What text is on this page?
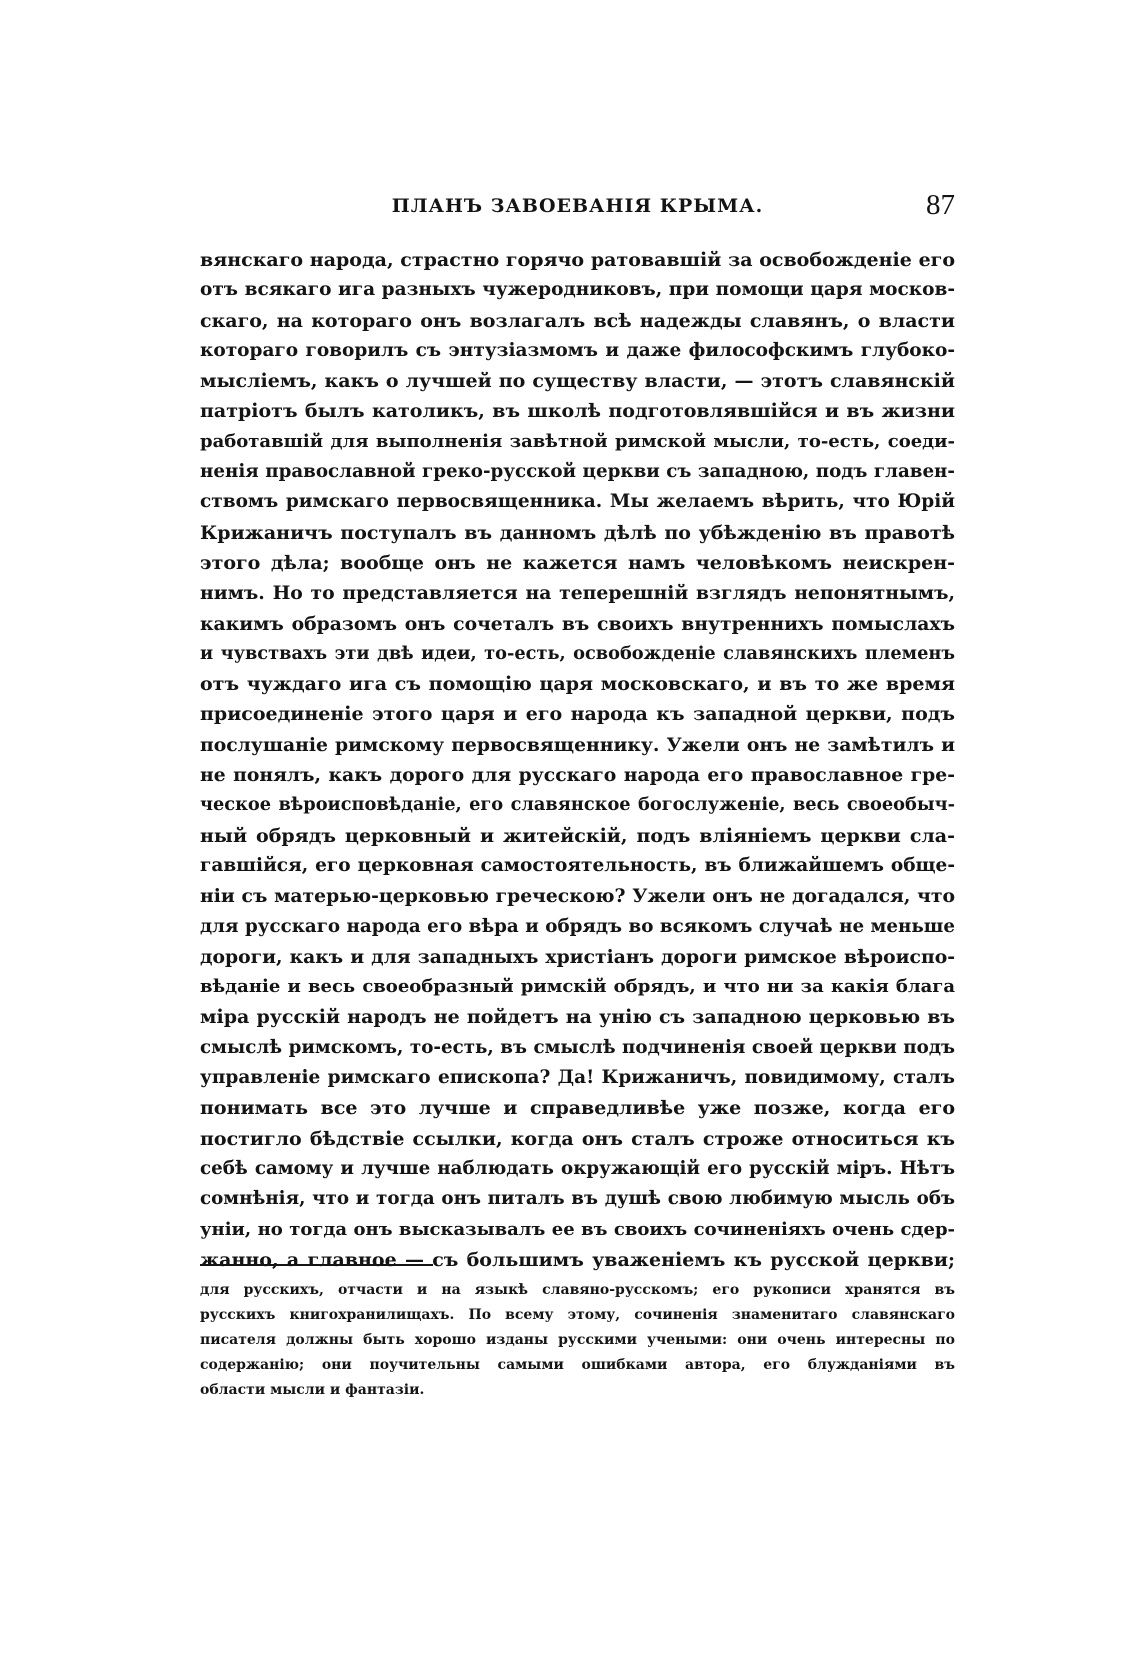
ПЛАНЪ ЗАВОЕВАНІЯ КРЫМА.	87
вянскаго народа, страстно горячо ратовавшій за освобожденіе его
отъ всякаго ига разныхъ чужеродниковъ, при помощи царя москов-
скаго, на котораго онъ возлагалъ всѣ надежды славянъ, о власти
котораго говорилъ съ энтузіазмомъ и даже философскимъ глубоко-
мысліемъ, какъ о лучшей по существу власти, — этотъ славянскій
патріотъ былъ католикъ, въ школѣ подготовлявшійся и въ жизни
работавшій для выполненія завѣтной римской мысли, то-есть, соеди-
ненія православной греко-русской церкви съ западною, подъ главен-
ствомъ римскаго первосвященника. Мы желаемъ вѣрить, что Юрій
Крижаничъ поступалъ въ данномъ дѣлѣ по убѣжденію въ правотѣ
этого дѣла; вообще онъ не кажется намъ человѣкомъ неискрен-
нимъ. Но то представляется на теперешній взглядъ непонятнымъ,
какимъ образомъ онъ сочеталъ въ своихъ внутреннихъ помыслахъ
и чувствахъ эти двѣ идеи, то-есть, освобожденіе славянскихъ племенъ
отъ чуждаго ига съ помощію царя московскаго, и въ то же время
присоединеніе этого царя и его народа къ западной церкви, подъ
послушаніе римскому первосвященнику. Ужели онъ не замѣтилъ и
не понялъ, какъ дорого для русскаго народа его православное гре-
ческое вѣроисповѣданіе, его славянское богослуженіе, весь своеобыч-
ный обрядъ церковный и житейскій, подъ вліяніемъ церкви сла-
гавшійся, его церковная самостоятельность, въ ближайшемъ обще-
ніи съ матерью-церковью греческою? Ужели онъ не догадался, что
для русскаго народа его вѣра и обрядъ во всякомъ случаѣ не меньше
дороги, какъ и для западныхъ христіанъ дороги римское вѣроиспо-
вѣданіе и весь своеобразный римскій обрядъ, и что ни за какія блага
міра русскій народъ не пойдетъ на унію съ западною церковью въ
смыслѣ римскомъ, то-есть, въ смыслѣ подчиненія своей церкви подъ
управленіе римскаго епископа? Да! Крижаничъ, повидимому, сталъ
понимать все это лучше и справедливѣе уже позже, когда его
постигло бѣдствіе ссылки, когда онъ сталъ строже относиться къ
себѣ самому и лучше наблюдать окружающій его русскій міръ. Нѣтъ
сомнѣнія, что и тогда онъ питалъ въ душѣ свою любимую мысль объ
уніи, но тогда онъ высказывалъ ее въ своихъ сочиненіяхъ очень сдер-
жанно, а главное — съ большимъ уваженіемъ къ русской церкви;
для русскихъ, отчасти и на языкѣ славяно-русскомъ; его рукописи хранятся въ
русскихъ книгохранилищахъ. По всему этому, сочиненія знаменитаго славянскаго
писателя должны быть хорошо изданы русскими учеными: они очень интересны по
содержанію; они поучительны самыми ошибками автора, его блужданіями въ
области мысли и фантазіи.
